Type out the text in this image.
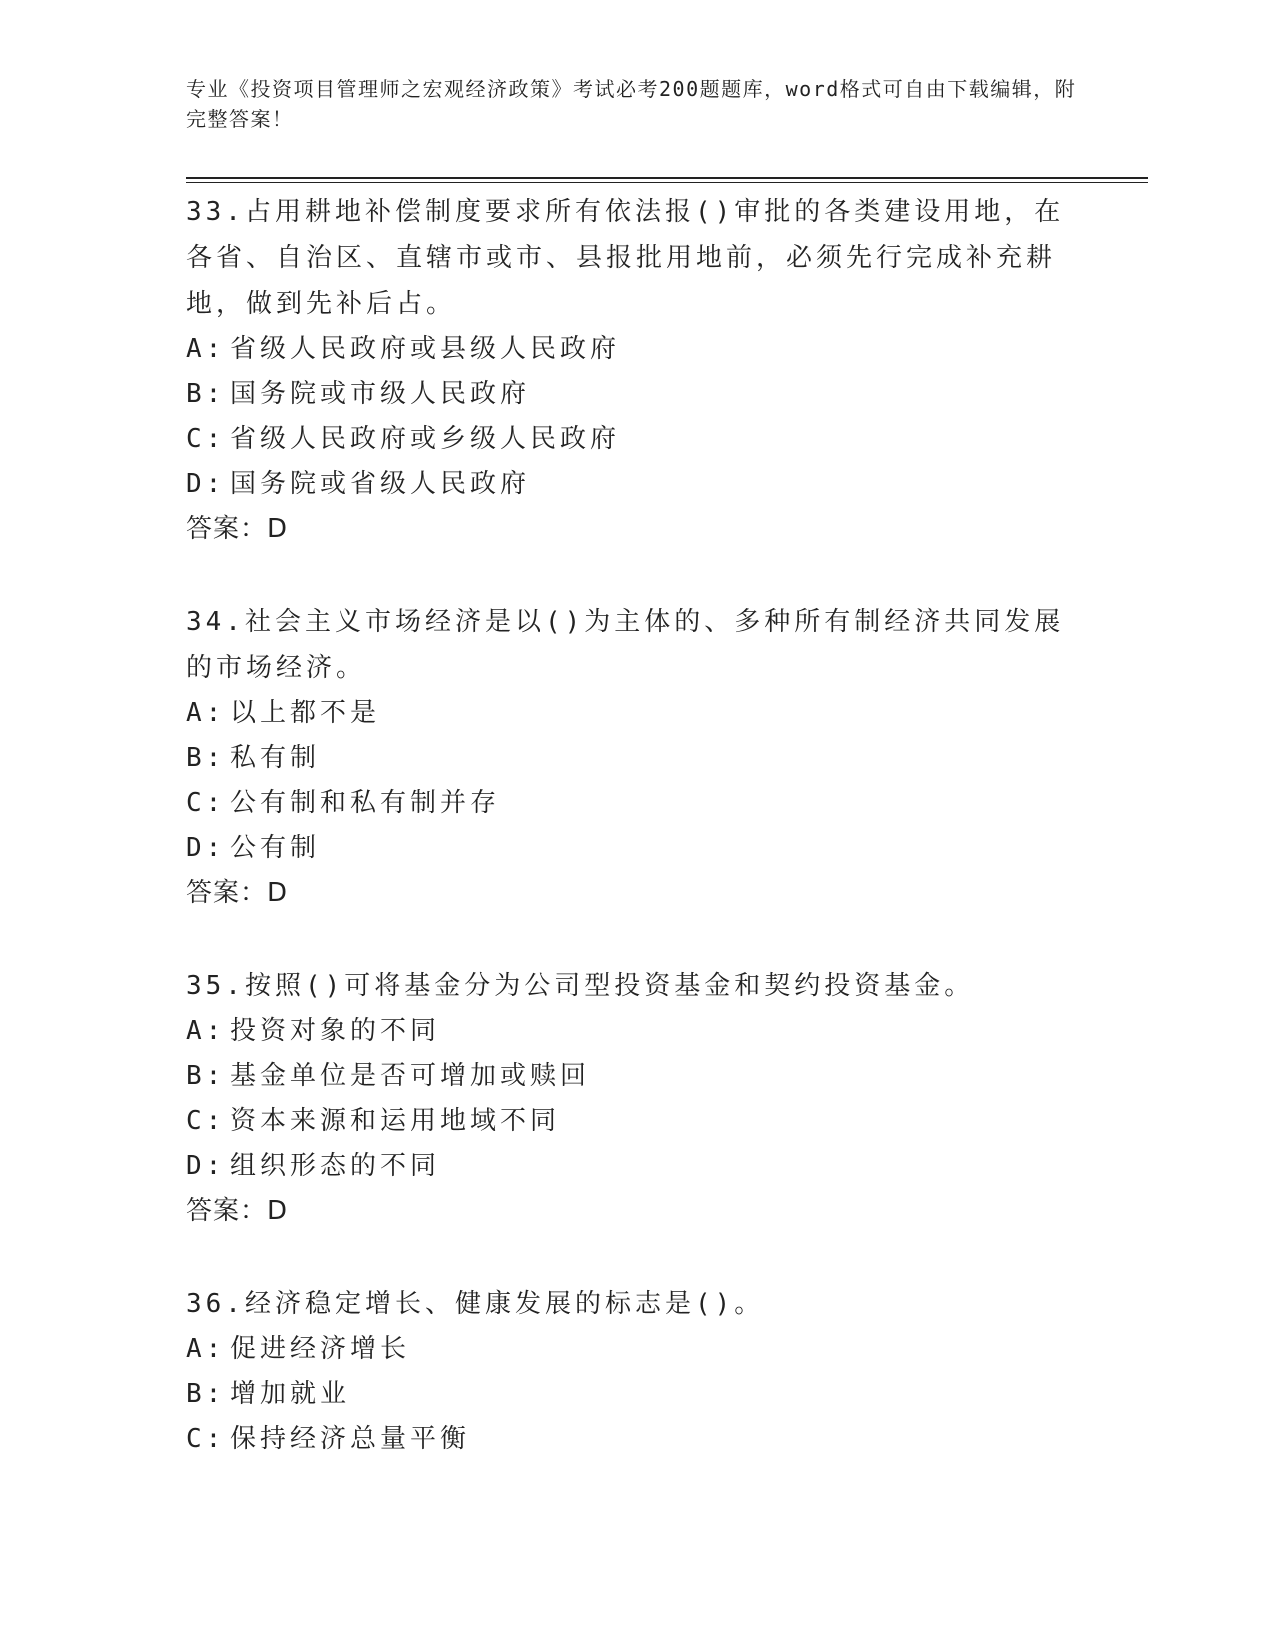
专业《投资项目管理师之宏观经济政策》考试必考200题题库，word格式可自由下载编辑，附完整答案！
33.占用耕地补偿制度要求所有依法报()审批的各类建设用地，在各省、自治区、直辖市或市、县报批用地前，必须先行完成补充耕地，做到先补后占。
A: 省级人民政府或县级人民政府
B: 国务院或市级人民政府
C: 省级人民政府或乡级人民政府
D: 国务院或省级人民政府
答案：D
34.社会主义市场经济是以()为主体的、多种所有制经济共同发展的市场经济。
A: 以上都不是
B: 私有制
C: 公有制和私有制并存
D: 公有制
答案：D
35.按照()可将基金分为公司型投资基金和契约投资基金。
A: 投资对象的不同
B: 基金单位是否可增加或赎回
C: 资本来源和运用地域不同
D: 组织形态的不同
答案：D
36.经济稳定增长、健康发展的标志是()。
A: 促进经济增长
B: 增加就业
C: 保持经济总量平衡
